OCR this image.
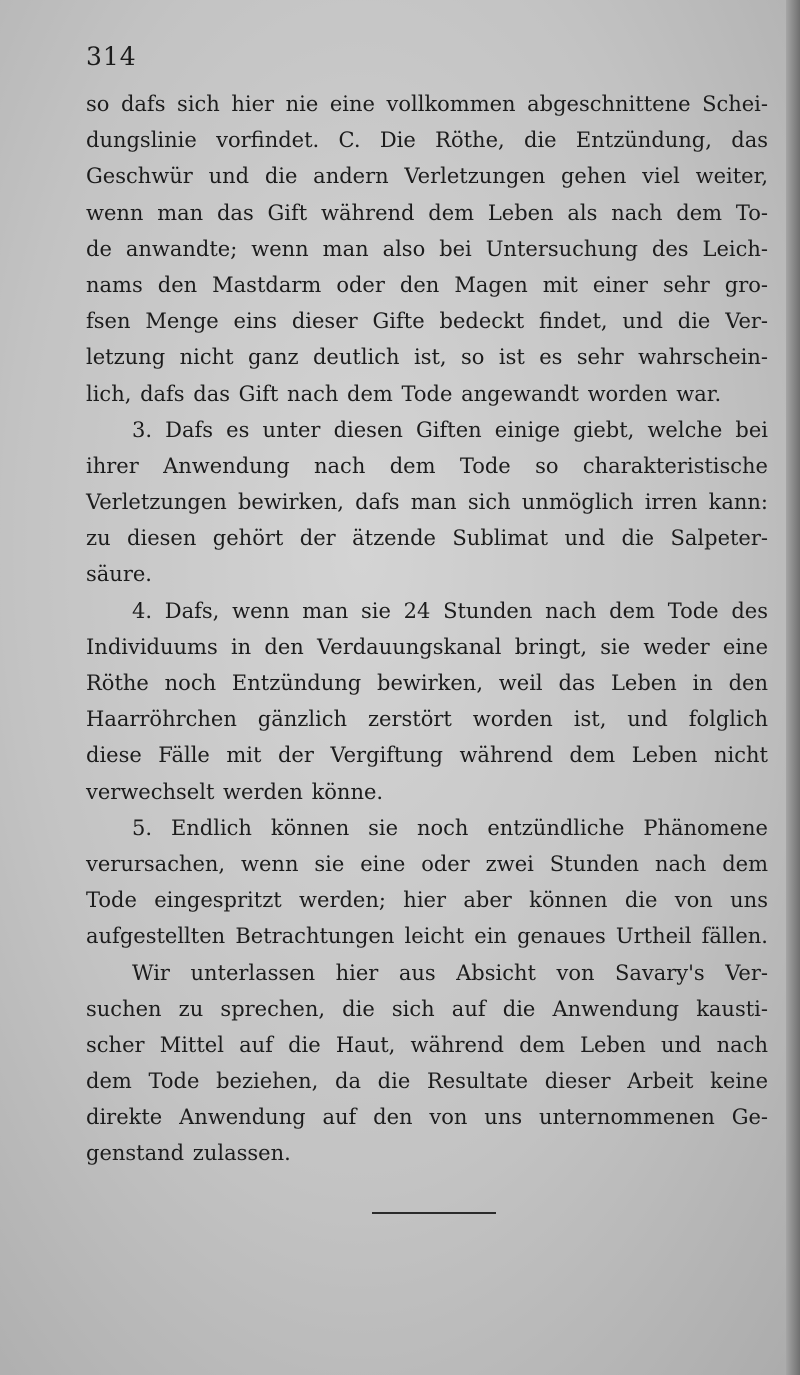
314
so dafs sich hier nie eine vollkommen abgeschnittene Schei-
dungslinie vorfindet. C. Die Röthe, die Entzündung, das
Geschwür und die andern Verletzungen gehen viel weiter,
wenn man das Gift während dem Leben als nach dem To-
de anwandte; wenn man also bei Untersuchung des Leich-
nams den Mastdarm oder den Magen mit einer sehr gro-
fsen Menge eins dieser Gifte bedeckt findet, und die Ver-
letzung nicht ganz deutlich ist, so ist es sehr wahrschein-
lich, dafs das Gift nach dem Tode angewandt worden war.
3. Dafs es unter diesen Giften einige giebt, welche bei
ihrer Anwendung nach dem Tode so charakteristische
Verletzungen bewirken, dafs man sich unmöglich irren kann:
zu diesen gehört der ätzende Sublimat und die Salpeter-
säure.
4. Dafs, wenn man sie 24 Stunden nach dem Tode des
Individuums in den Verdauungskanal bringt, sie weder eine
Röthe noch Entzündung bewirken, weil das Leben in den
Haarröhrchen gänzlich zerstört worden ist, und folglich
diese Fälle mit der Vergiftung während dem Leben nicht
verwechselt werden könne.
5. Endlich können sie noch entzündliche Phänomene
verursachen, wenn sie eine oder zwei Stunden nach dem
Tode eingespritzt werden; hier aber können die von uns
aufgestellten Betrachtungen leicht ein genaues Urtheil fällen.
Wir unterlassen hier aus Absicht von Savary's Ver-
suchen zu sprechen, die sich auf die Anwendung kausti-
scher Mittel auf die Haut, während dem Leben und nach
dem Tode beziehen, da die Resultate dieser Arbeit keine
direkte Anwendung auf den von uns unternommenen Ge-
genstand zulassen.
